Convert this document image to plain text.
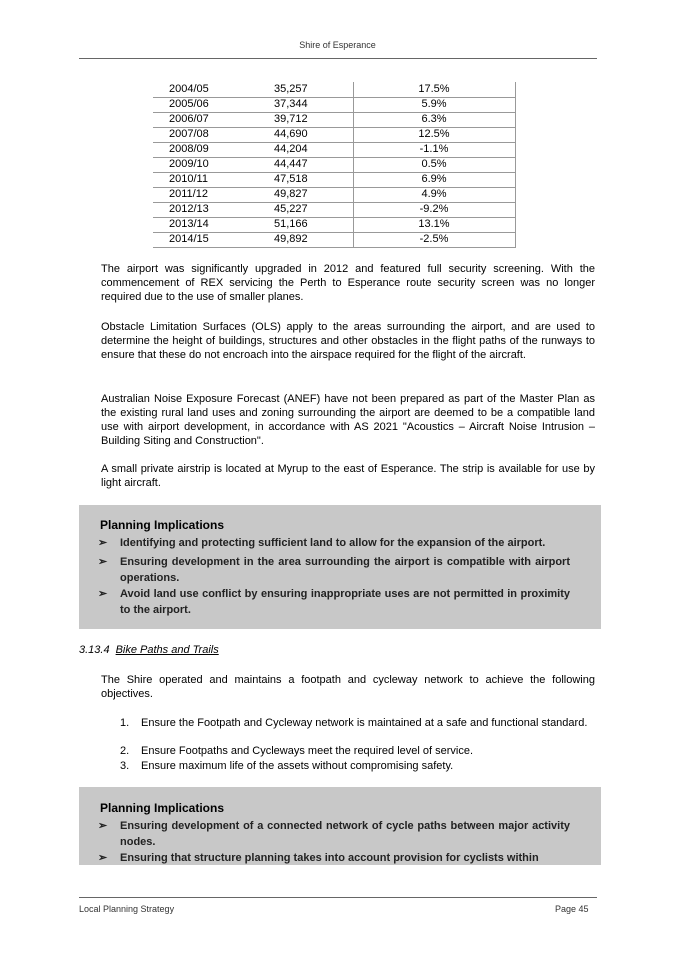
Shire of Esperance
2004/05	35,257	17.5%
2005/06	37,344	5.9%
2006/07	39,712	6.3%
2007/08	44,690	12.5%
2008/09	44,204	-1.1%
2009/10	44,447	0.5%
2010/11	47,518	6.9%
2011/12	49,827	4.9%
2012/13	45,227	-9.2%
2013/14	51,166	13.1%
2014/15	49,892	-2.5%

The airport was significantly upgraded in 2012 and featured full security screening. With the commencement of REX servicing the Perth to Esperance route security screen was no longer required due to the use of smaller planes.

Obstacle Limitation Surfaces (OLS) apply to the areas surrounding the airport, and are used to determine the height of buildings, structures and other obstacles in the flight paths of the runways to ensure that these do not encroach into the airspace required for the flight of the aircraft.

Australian Noise Exposure Forecast (ANEF) have not been prepared as part of the Master Plan as the existing rural land uses and zoning surrounding the airport are deemed to be a compatible land use with airport development, in accordance with AS 2021 "Acoustics – Aircraft Noise Intrusion – Building Siting and Construction".

A small private airstrip is located at Myrup to the east of Esperance. The strip is available for use by light aircraft.

Planning Implications
➢ Identifying and protecting sufficient land to allow for the expansion of the airport.
➢ Ensuring development in the area surrounding the airport is compatible with airport operations.
➢ Avoid land use conflict by ensuring inappropriate uses are not permitted in proximity to the airport.
3.13.4 Bike Paths and Trails

The Shire operated and maintains a footpath and cycleway network to achieve the following objectives.

1. Ensure the Footpath and Cycleway network is maintained at a safe and functional standard.
2. Ensure Footpaths and Cycleways meet the required level of service.
3. Ensure maximum life of the assets without compromising safety.
Planning Implications
➢ Ensuring development of a connected network of cycle paths between major activity nodes.
➢ Ensuring that structure planning takes into account provision for cyclists within
Local Planning Strategy	Page 45
